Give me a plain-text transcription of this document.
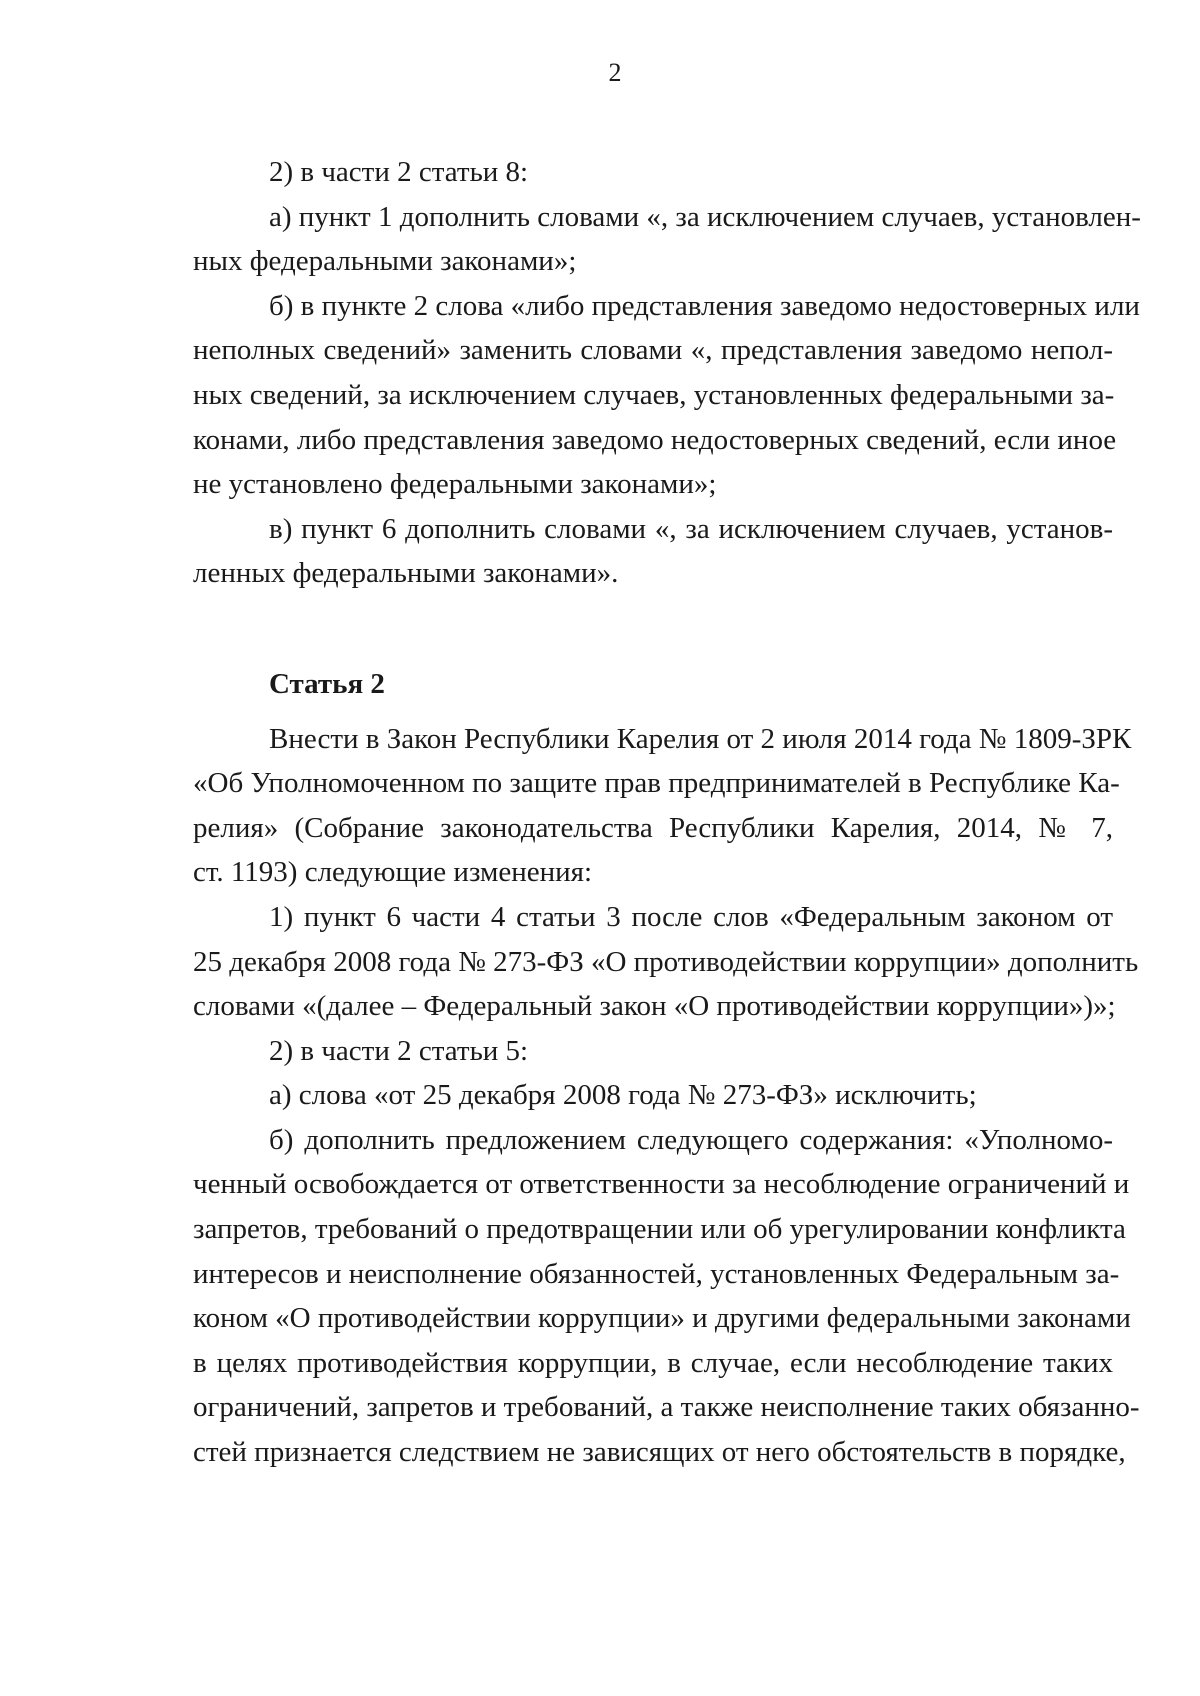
2
2) в части 2 статьи 8:
а) пункт 1 дополнить словами «, за исключением случаев, установлен-
ных федеральными законами»;
б) в пункте 2 слова «либо представления заведомо недостоверных или
неполных сведений» заменить словами «, представления заведомо непол-
ных сведений, за исключением случаев, установленных федеральными за-
конами, либо представления заведомо недостоверных сведений, если иное
не установлено федеральными законами»;
в) пункт 6 дополнить словами «, за исключением случаев, установ-
ленных федеральными законами».
Статья 2
Внести в Закон Республики Карелия от 2 июля 2014 года № 1809-ЗРК
«Об Уполномоченном по защите прав предпринимателей в Республике Ка-
релия» (Собрание законодательства Республики Карелия, 2014, № 7,
ст. 1193) следующие изменения:
1) пункт 6 части 4 статьи 3 после слов «Федеральным законом от
25 декабря 2008 года № 273-ФЗ «О противодействии коррупции» дополнить
словами «(далее – Федеральный закон «О противодействии коррупции»)»;
2) в части 2 статьи 5:
а) слова «от 25 декабря 2008 года № 273-ФЗ» исключить;
б) дополнить предложением следующего содержания: «Уполномо-
ченный освобождается от ответственности за несоблюдение ограничений и
запретов, требований о предотвращении или об урегулировании конфликта
интересов и неисполнение обязанностей, установленных Федеральным за-
коном «О противодействии коррупции» и другими федеральными законами
в целях противодействия коррупции, в случае, если несоблюдение таких
ограничений, запретов и требований, а также неисполнение таких обязанно-
стей признается следствием не зависящих от него обстоятельств в порядке,
